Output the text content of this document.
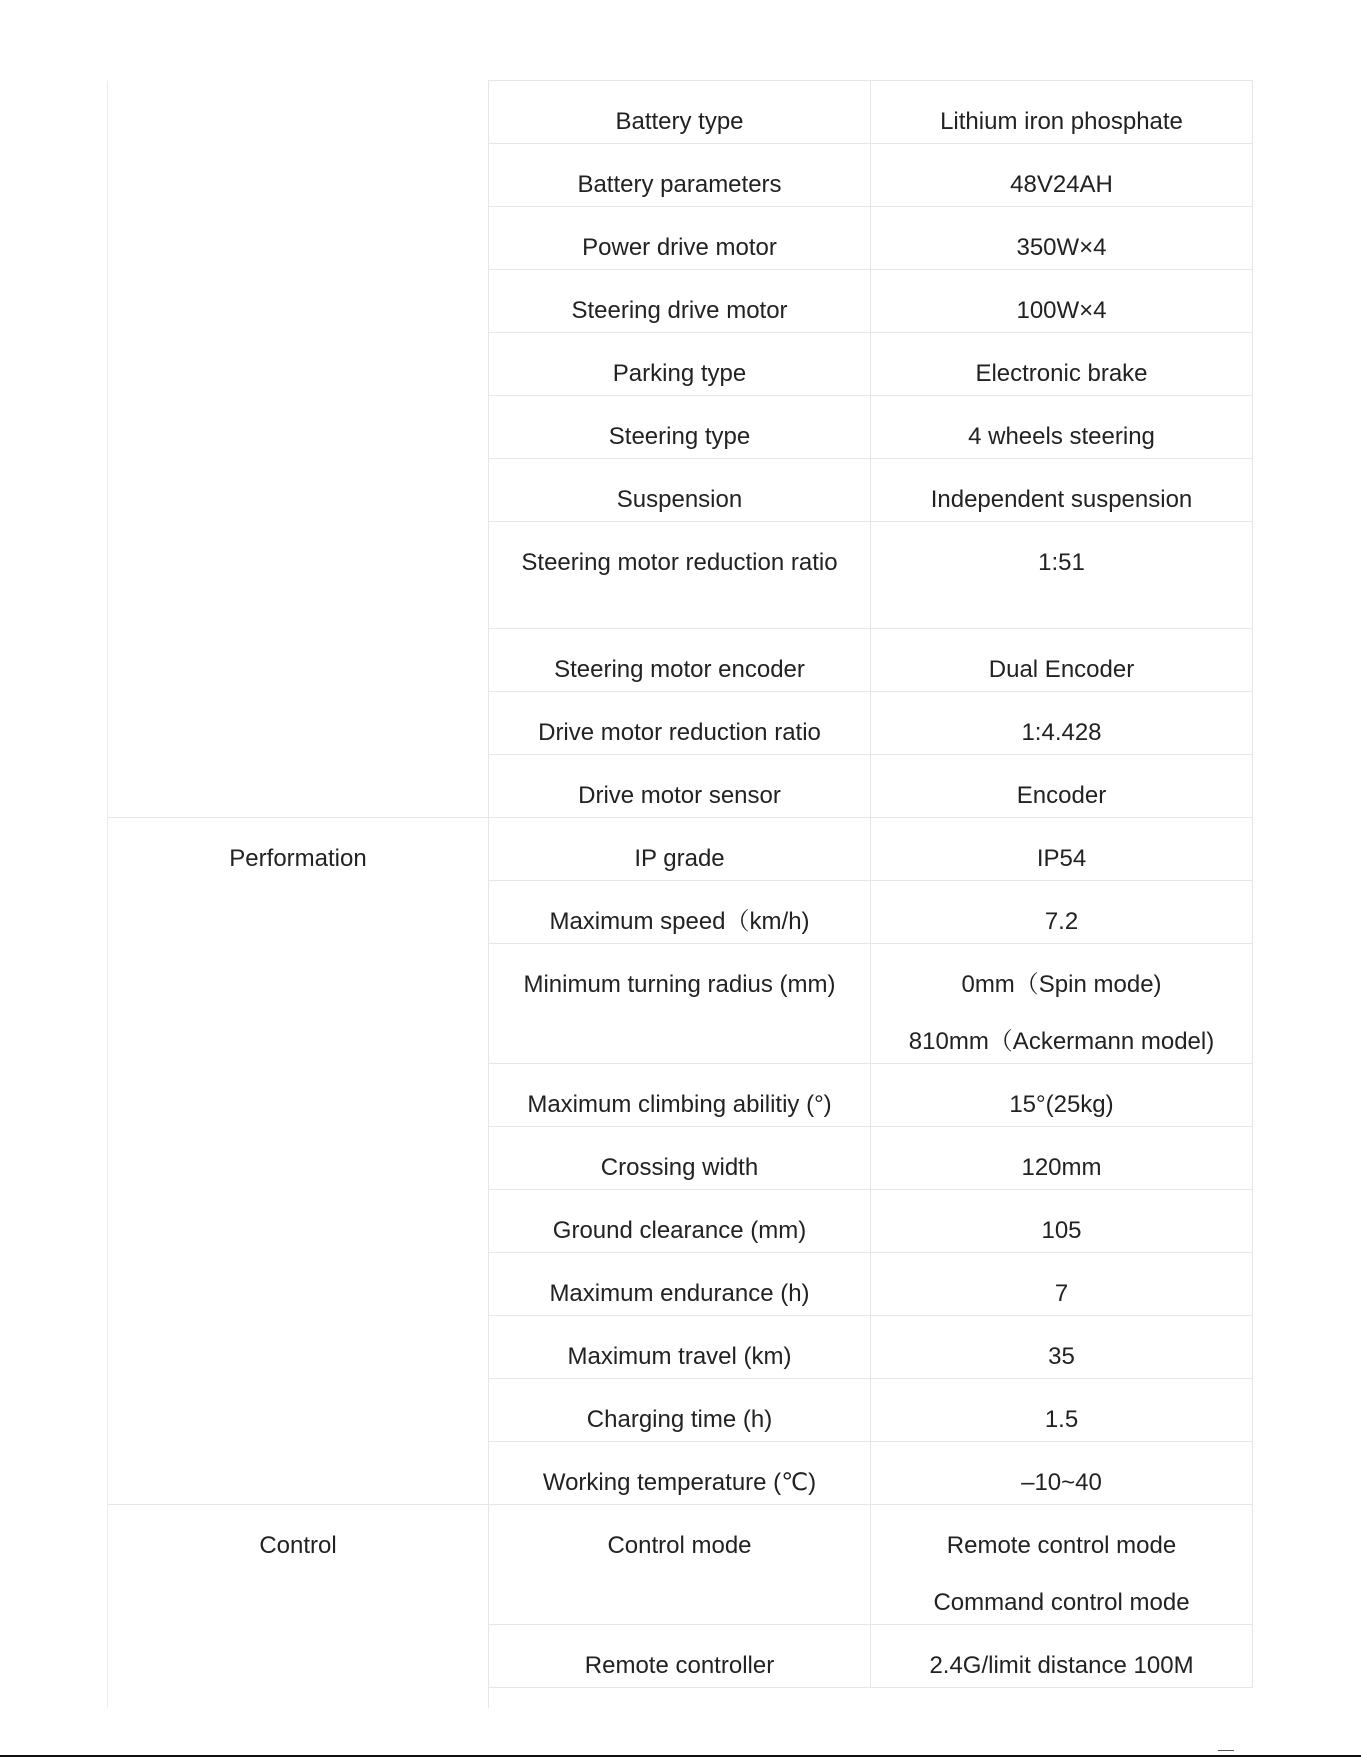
	Battery type	Lithium iron phosphate

	Battery parameters	48V24AH

	Power drive motor	350W×4

	Steering drive motor	100W×4

	Parking type	Electronic brake

	Steering type	4 wheels steering

	Suspension	Independent suspension

	Steering motor reduction ratio	1:51

	Steering motor encoder	Dual Encoder

	Drive motor reduction ratio	1:4.428

	Drive motor sensor	Encoder

Performation	IP grade	IP54

	Maximum speed（km/h)	7.2

	Minimum turning radius (mm)	0mm（Spin mode)
810mm（Ackermann model)

	Maximum climbing abilitiy (°)	15°(25kg)

	Crossing width	120mm

	Ground clearance (mm)	105

	Maximum endurance (h)	7

	Maximum travel (km)	35

	Charging time (h)	1.5

	Working temperature (℃)	–10~40

Control	Control mode	Remote control mode
Command control mode

	Remote controller	2.4G/limit distance 100M
